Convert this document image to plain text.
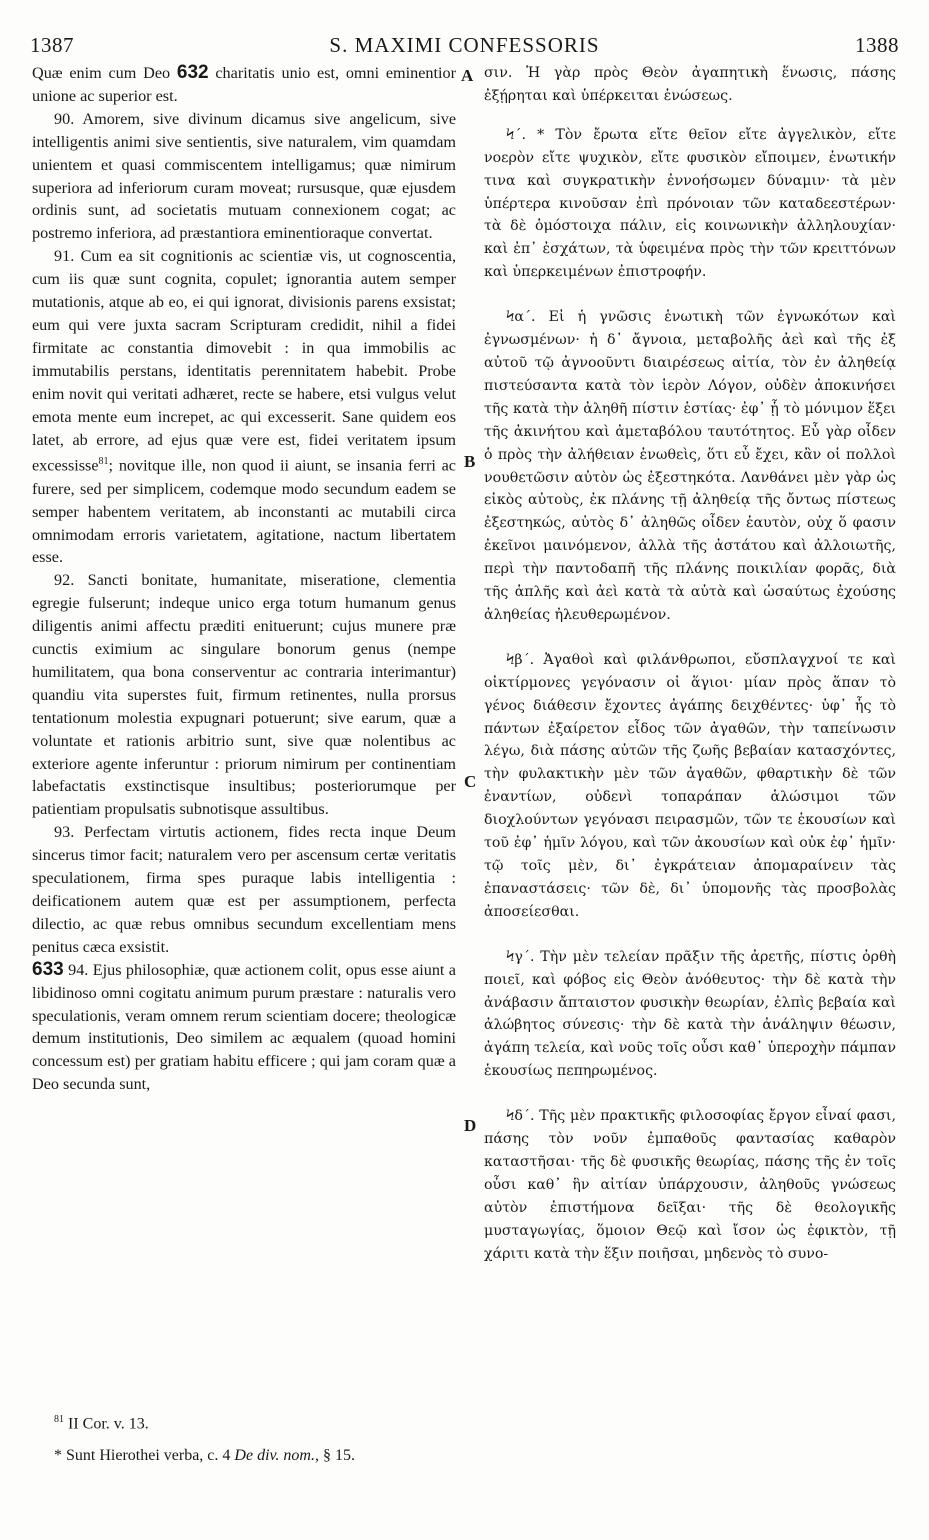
1387	S. MAXIMI CONFESSORIS	1388
A
B
C
D

Quæ enim cum Deo 632 charitatis unio est, omni eminentior unione ac superior est.

90. Amorem, sive divinum dicamus sive angelicum, sive intelligentis animi sive sentientis, sive naturalem, vim quamdam unientem et quasi commiscentem intelligamus; quæ nimirum superiora ad inferiorum curam moveat; rursusque, quæ ejusdem ordinis sunt, ad societatis mutuam connexionem cogat; ac postremo inferiora, ad præstantiora eminentioraque convertat.

91. Cum ea sit cognitionis ac scientiæ vis, ut cognoscentia, cum iis quæ sunt cognita, copulet; ignorantia autem semper mutationis, atque ab eo, ei qui ignorat, divisionis parens exsistat; eum qui vere juxta sacram Scripturam credidit, nihil a fidei firmitate ac constantia dimovebit : in qua immobilis ac immutabilis perstans, identitatis perennitatem habebit. Probe enim novit qui veritati adhæret, recte se habere, etsi vulgus velut emota mente eum increpet, ac qui excesserit. Sane quidem eos latet, ab errore, ad ejus quæ vere est, fidei veritatem ipsum excessisse$^{81}$; novitque ille, non quod ii aiunt, se insania ferri ac furere, sed per simplicem, codemque modo secundum eadem se semper habentem veritatem, ab inconstanti ac mutabili circa omnimodam erroris varietatem, agitatione, nactum libertatem esse.

92. Sancti bonitate, humanitate, miseratione, clementia egregie fulserunt; indeque unico erga totum humanum genus diligentis animi affectu præditi enituerunt; cujus munere præ cunctis eximium ac singulare bonorum genus (nempe humilitatem, qua bona conserventur ac contraria interimantur) quandiu vita superstes fuit, firmum retinentes, nulla prorsus tentationum molestia expugnari potuerunt; sive earum, quæ a voluntate et rationis arbitrio sunt, sive quæ nolentibus ac exteriore agente inferuntur : priorum nimirum per continentiam labefactatis exstinctisque insultibus; posteriorumque per patientiam propulsatis subnotisque assultibus.

93. Perfectam virtutis actionem, fides recta inque Deum sincerus timor facit; naturalem vero per ascensum certæ veritatis speculationem, firma spes puraque labis intelligentia : deificationem autem quæ est per assumptionem, perfecta dilectio, ac quæ rebus omnibus secundum excellentiam mens penitus cæca exsistit.

633 94. Ejus philosophiæ, quæ actionem colit, opus esse aiunt a libidinoso omni cogitatu animum purum præstare : naturalis vero speculationis, veram omnem rerum scientiam docere; theologicæ demum institutionis, Deo similem ac æqualem (quoad homini concessum est) per gratiam habitu efficere ; qui jam coram quæ a Deo secunda sunt,

σιν. Ἡ γὰρ πρὸς Θεὸν ἀγαπητικὴ ἕνωσις, πάσης ἐξῄρηται καὶ ὑπέρκειται ἑνώσεως.

Ϟ΄. * Τὸν ἔρωτα εἴτε θεῖον εἴτε ἀγγελικὸν, εἴτε νοερὸν εἴτε ψυχικὸν, εἴτε φυσικὸν εἴποιμεν, ἑνωτικήν τινα καὶ συγκρατικὴν ἐννοήσωμεν δύναμιν· τὰ μὲν ὑπέρτερα κινοῦσαν ἐπὶ πρόνοιαν τῶν καταδεεστέρων· τὰ δὲ ὁμόστοιχα πάλιν, εἰς κοινωνικὴν ἀλληλουχίαν· καὶ ἐπ᾽ ἐσχάτων, τὰ ὑφειμένα πρὸς τὴν τῶν κρειττόνων καὶ ὑπερκειμένων ἐπιστροφήν.

Ϟα΄. Εἰ ἡ γνῶσις ἑνωτικὴ τῶν ἐγνωκότων καὶ ἐγνωσμένων· ἡ δ᾽ ἄγνοια, μεταβολῆς ἀεὶ καὶ τῆς ἐξ αὐτοῦ τῷ ἀγνοοῦντι διαιρέσεως αἰτία, τὸν ἐν ἀληθείᾳ πιστεύσαντα κατὰ τὸν ἱερὸν Λόγον, οὐδὲν ἀποκινήσει τῆς κατὰ τὴν ἀληθῆ πίστιν ἑστίας· ἐφ᾽ ᾗ τὸ μόνιμον ἕξει τῆς ἀκινήτου καὶ ἀμεταβόλου ταυτότητος. Εὖ γὰρ οἶδεν ὁ πρὸς τὴν ἀλήθειαν ἑνωθεὶς, ὅτι εὖ ἔχει, κἂν οἱ πολλοὶ νουθετῶσιν αὐτὸν ὡς ἐξεστηκότα. Λανθάνει μὲν γὰρ ὡς εἰκὸς αὐτοὺς, ἐκ πλάνης τῇ ἀληθείᾳ τῆς ὄντως πίστεως ἐξεστηκώς, αὐτὸς δ᾽ ἀληθῶς οἶδεν ἑαυτὸν, οὐχ ὅ φασιν ἐκεῖνοι μαινόμενον, ἀλλὰ τῆς ἀστάτου καὶ ἀλλοιωτῆς, περὶ τὴν παντοδαπῆ τῆς πλάνης ποικιλίαν φορᾶς, διὰ τῆς ἁπλῆς καὶ ἀεὶ κατὰ τὰ αὐτὰ καὶ ὡσαύτως ἐχούσης ἀληθείας ἠλευθερωμένον.

Ϟβ΄. Ἀγαθοὶ καὶ φιλάνθρωποι, εὔσπλαγχνοί τε καὶ οἰκτίρμονες γεγόνασιν οἱ ἅγιοι· μίαν πρὸς ἅπαν τὸ γένος διάθεσιν ἔχοντες ἀγάπης δειχθέντες· ὑφ᾽ ἧς τὸ πάντων ἐξαίρετον εἶδος τῶν ἀγαθῶν, τὴν ταπείνωσιν λέγω, διὰ πάσης αὐτῶν τῆς ζωῆς βεβαίαν κατασχόντες, τὴν φυλακτικὴν μὲν τῶν ἀγαθῶν, φθαρτικὴν δὲ τῶν ἐναντίων, οὐδενὶ τοπαράπαν ἁλώσιμοι τῶν διοχλούντων γεγόνασι πειρασμῶν, τῶν τε ἑκουσίων καὶ τοῦ ἐφ᾽ ἡμῖν λόγου, καὶ τῶν ἀκουσίων καὶ οὐκ ἐφ᾽ ἡμῖν· τῷ τοῖς μὲν, δι᾽ ἐγκράτειαν ἀπομαραίνειν τὰς ἐπαναστάσεις· τῶν δὲ, δι᾽ ὑπομονῆς τὰς προσβολὰς ἀποσείεσθαι.

Ϟγ΄. Τὴν μὲν τελείαν πρᾶξιν τῆς ἀρετῆς, πίστις ὀρθὴ ποιεῖ, καὶ φόβος εἰς Θεὸν ἀνόθευτος· τὴν δὲ κατὰ τὴν ἀνάβασιν ἄπταιστον φυσικὴν θεωρίαν, ἐλπὶς βεβαία καὶ ἀλώβητος σύνεσις· τὴν δὲ κατὰ τὴν ἀνάληψιν θέωσιν, ἀγάπη τελεία, καὶ νοῦς τοῖς οὖσι καθ᾽ ὑπεροχὴν πάμπαν ἑκουσίως πεπηρωμένος.

Ϟδ΄. Τῆς μὲν πρακτικῆς φιλοσοφίας ἔργον εἶναί φασι, πάσης τὸν νοῦν ἐμπαθοῦς φαντασίας καθαρὸν καταστῆσαι· τῆς δὲ φυσικῆς θεωρίας, πάσης τῆς ἐν τοῖς οὖσι καθ᾽ ἣν αἰτίαν ὑπάρχουσιν, ἀληθοῦς γνώσεως αὐτὸν ἐπιστήμονα δεῖξαι· τῆς δὲ θεολογικῆς μυσταγωγίας, ὅμοιον Θεῷ καὶ ἴσον ὡς ἐφικτὸν, τῇ χάριτι κατὰ τὴν ἕξιν ποιῆσαι, μηδενὸς τὸ συνο-

$^{81}$ II Cor. v. 13.

* Sunt Hierothei verba, c. 4 De div. nom., § 15.
